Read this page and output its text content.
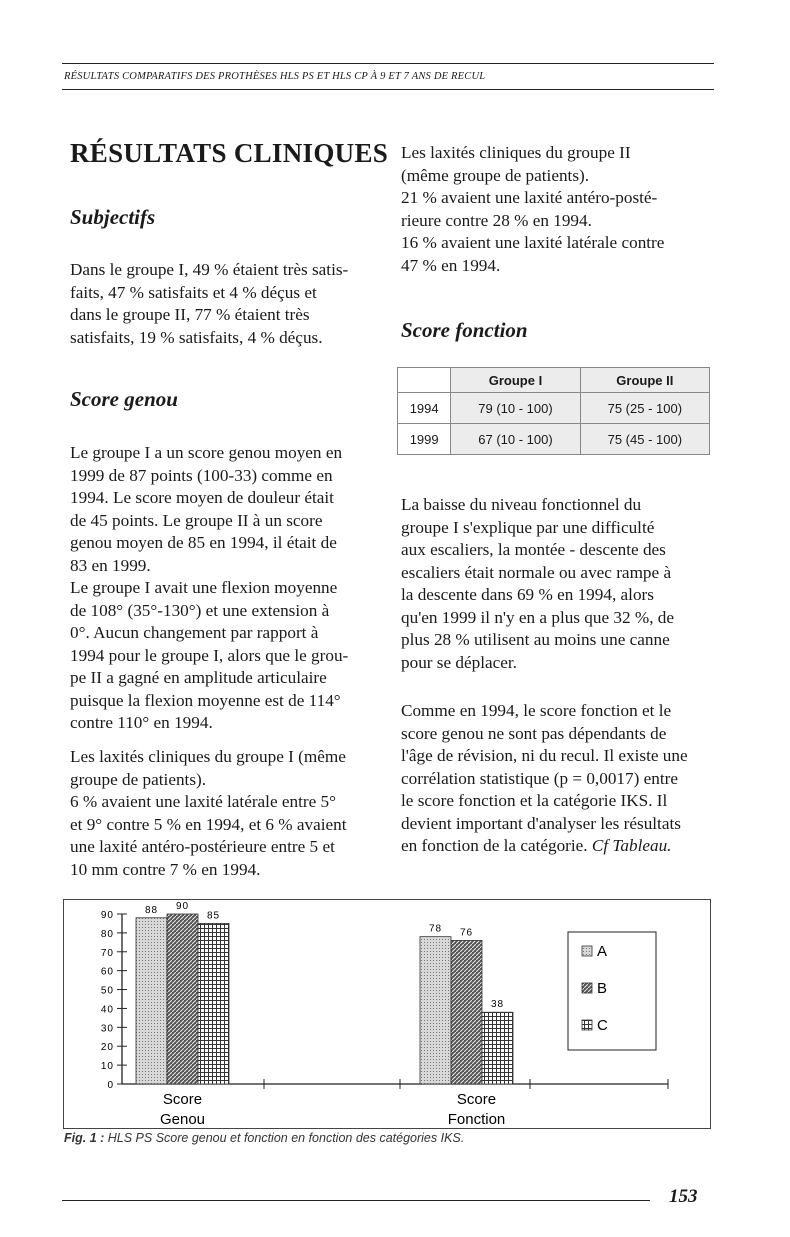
RÉSULTATS COMPARATIFS DES PROTHÈSES HLS PS ET HLS CP À 9 ET 7 ANS DE RECUL
RÉSULTATS CLINIQUES
Subjectifs
Dans le groupe I, 49 % étaient très satis-
faits, 47 % satisfaits et 4 % déçus et
dans le groupe II, 77 % étaient très
satisfaits, 19 % satisfaits, 4 % déçus.
Score genou
Le groupe I a un score genou moyen en
1999 de 87 points (100-33) comme en
1994. Le score moyen de douleur était
de 45 points. Le groupe II à un score
genou moyen de 85 en 1994, il était de
83 en 1999.
Le groupe I avait une flexion moyenne
de 108° (35°-130°) et une extension à
0°. Aucun changement par rapport à
1994 pour le groupe I, alors que le grou-
pe II a gagné en amplitude articulaire
puisque la flexion moyenne est de 114°
contre 110° en 1994.
Les laxités cliniques du groupe I (même
groupe de patients).
6 % avaient une laxité latérale entre 5°
et 9° contre 5 % en 1994, et 6 % avaient
une laxité antéro-postérieure entre 5 et
10 mm contre 7 % en 1994.
Les laxités cliniques du groupe II
(même groupe de patients).
21 % avaient une laxité antéro-posté-
rieure contre 28 % en 1994.
16 % avaient une laxité latérale contre
47 % en 1994.
Score fonction
	Groupe I	Groupe II
1994	79 (10 - 100)	75 (25 - 100)
1999	67 (10 - 100)	75 (45 - 100)
La baisse du niveau fonctionnel du
groupe I s'explique par une difficulté
aux escaliers, la montée - descente des
escaliers était normale ou avec rampe à
la descente dans 69 % en 1994, alors
qu'en 1999 il n'y en a plus que 32 %, de
plus 28 % utilisent au moins une canne
pour se déplacer.
Comme en 1994, le score fonction et le
score genou ne sont pas dépendants de
l'âge de révision, ni du recul. Il existe une
corrélation statistique (p = 0,0017) entre
le score fonction et la catégorie IKS. Il
devient important d'analyser les résultats
en fonction de la catégorie. Cf Tableau.
0
10
20
30
40
50
60
70
80
90	88 90
85
Score
Genou
78 76
38
Score
Fonction
A
B
C
Fig. 1 : HLS PS Score genou et fonction en fonction des catégories IKS.
153
